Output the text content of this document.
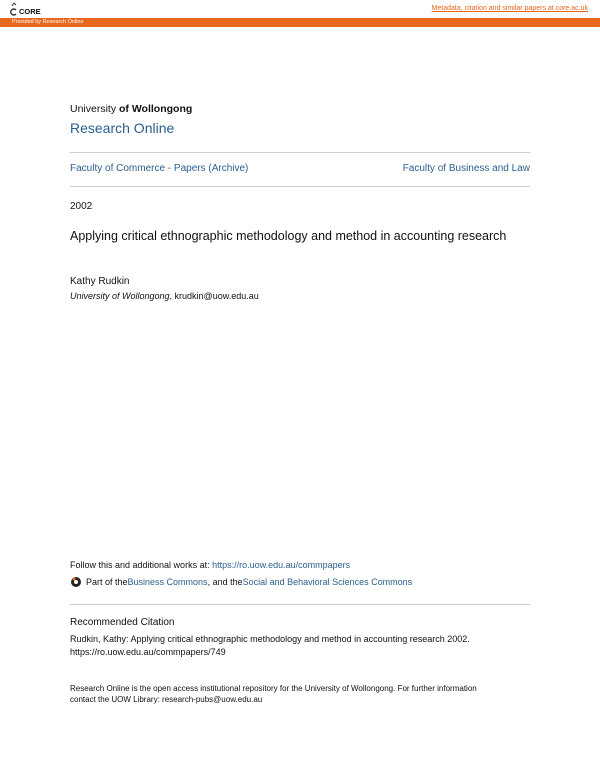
CORE	Metadata, citation and similar papers at core.ac.uk
Provided by Research Online
University of Wollongong
Research Online
Faculty of Commerce - Papers (Archive)	Faculty of Business and Law
2002
Applying critical ethnographic methodology and method in accounting research
Kathy Rudkin
University of Wollongong, krudkin@uow.edu.au
Follow this and additional works at: https://ro.uow.edu.au/commpapers
Part of the Business Commons , and the Social and Behavioral Sciences Commons
Recommended Citation
Rudkin, Kathy: Applying critical ethnographic methodology and method in accounting research 2002.
https://ro.uow.edu.au/commpapers/749
Research Online is the open access institutional repository for the University of Wollongong. For further information
contact the UOW Library: research-pubs@uow.edu.au
